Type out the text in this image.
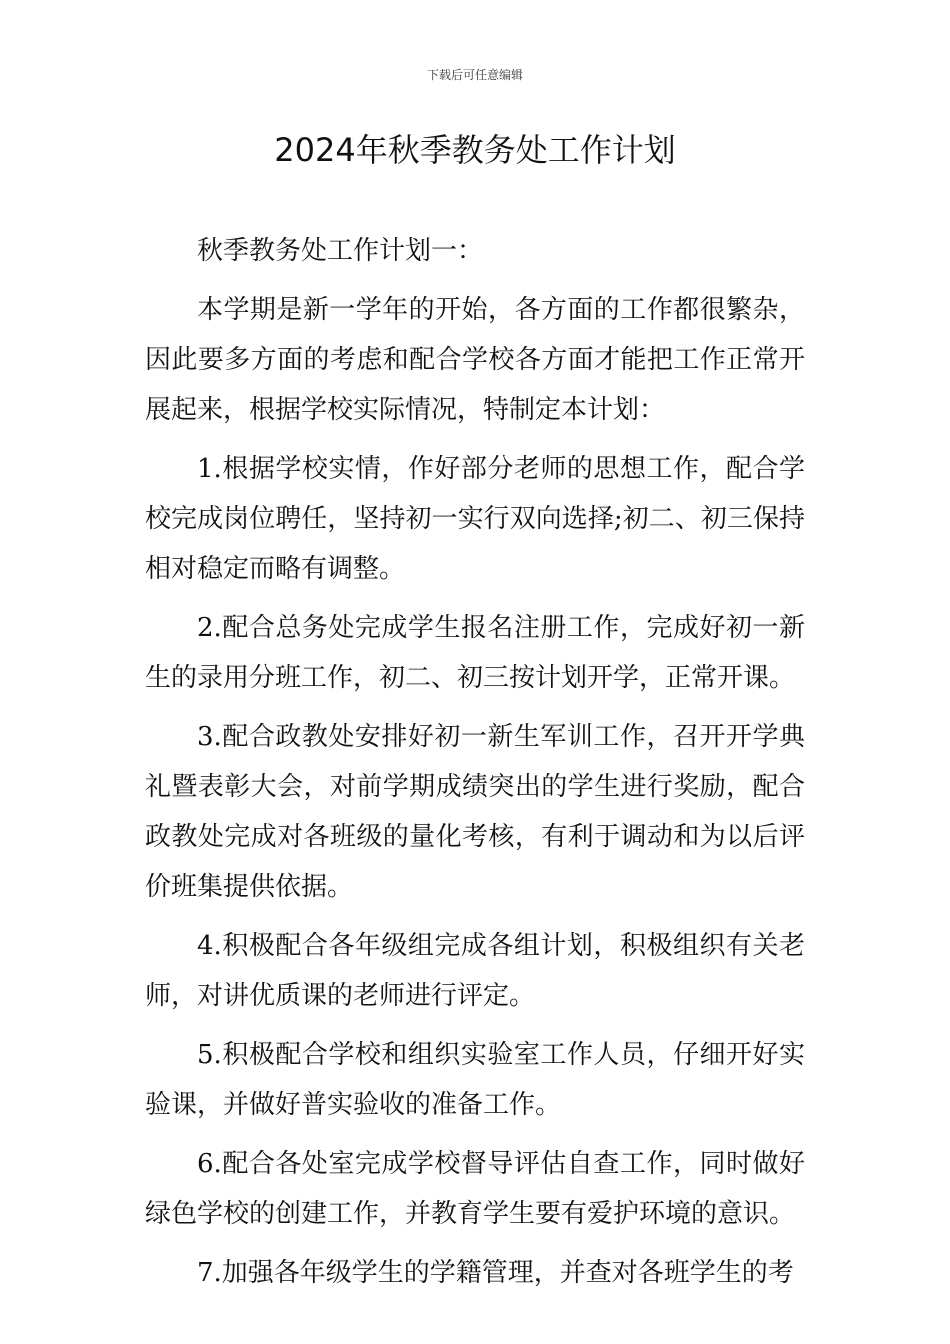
下载后可任意编辑
2024年秋季教务处工作计划

秋季教务处工作计划一：

本学期是新一学年的开始，各方面的工作都很繁杂，因此要多方面的考虑和配合学校各方面才能把工作正常开展起来，根据学校实际情况，特制定本计划：

1.根据学校实情，作好部分老师的思想工作，配合学校完成岗位聘任，坚持初一实行双向选择;初二、初三保持相对稳定而略有调整。

2.配合总务处完成学生报名注册工作，完成好初一新生的录用分班工作，初二、初三按计划开学，正常开课。

3.配合政教处安排好初一新生军训工作，召开开学典礼暨表彰大会，对前学期成绩突出的学生进行奖励，配合政教处完成对各班级的量化考核，有利于调动和为以后评价班集提供依据。

4.积极配合各年级组完成各组计划，积极组织有关老师，对讲优质课的老师进行评定。

5.积极配合学校和组织实验室工作人员，仔细开好实验课，并做好普实验收的准备工作。

6.配合各处室完成学校督导评估自查工作，同时做好绿色学校的创建工作，并教育学生要有爱护环境的意识。

7.加强各年级学生的学籍管理，并查对各班学生的考
